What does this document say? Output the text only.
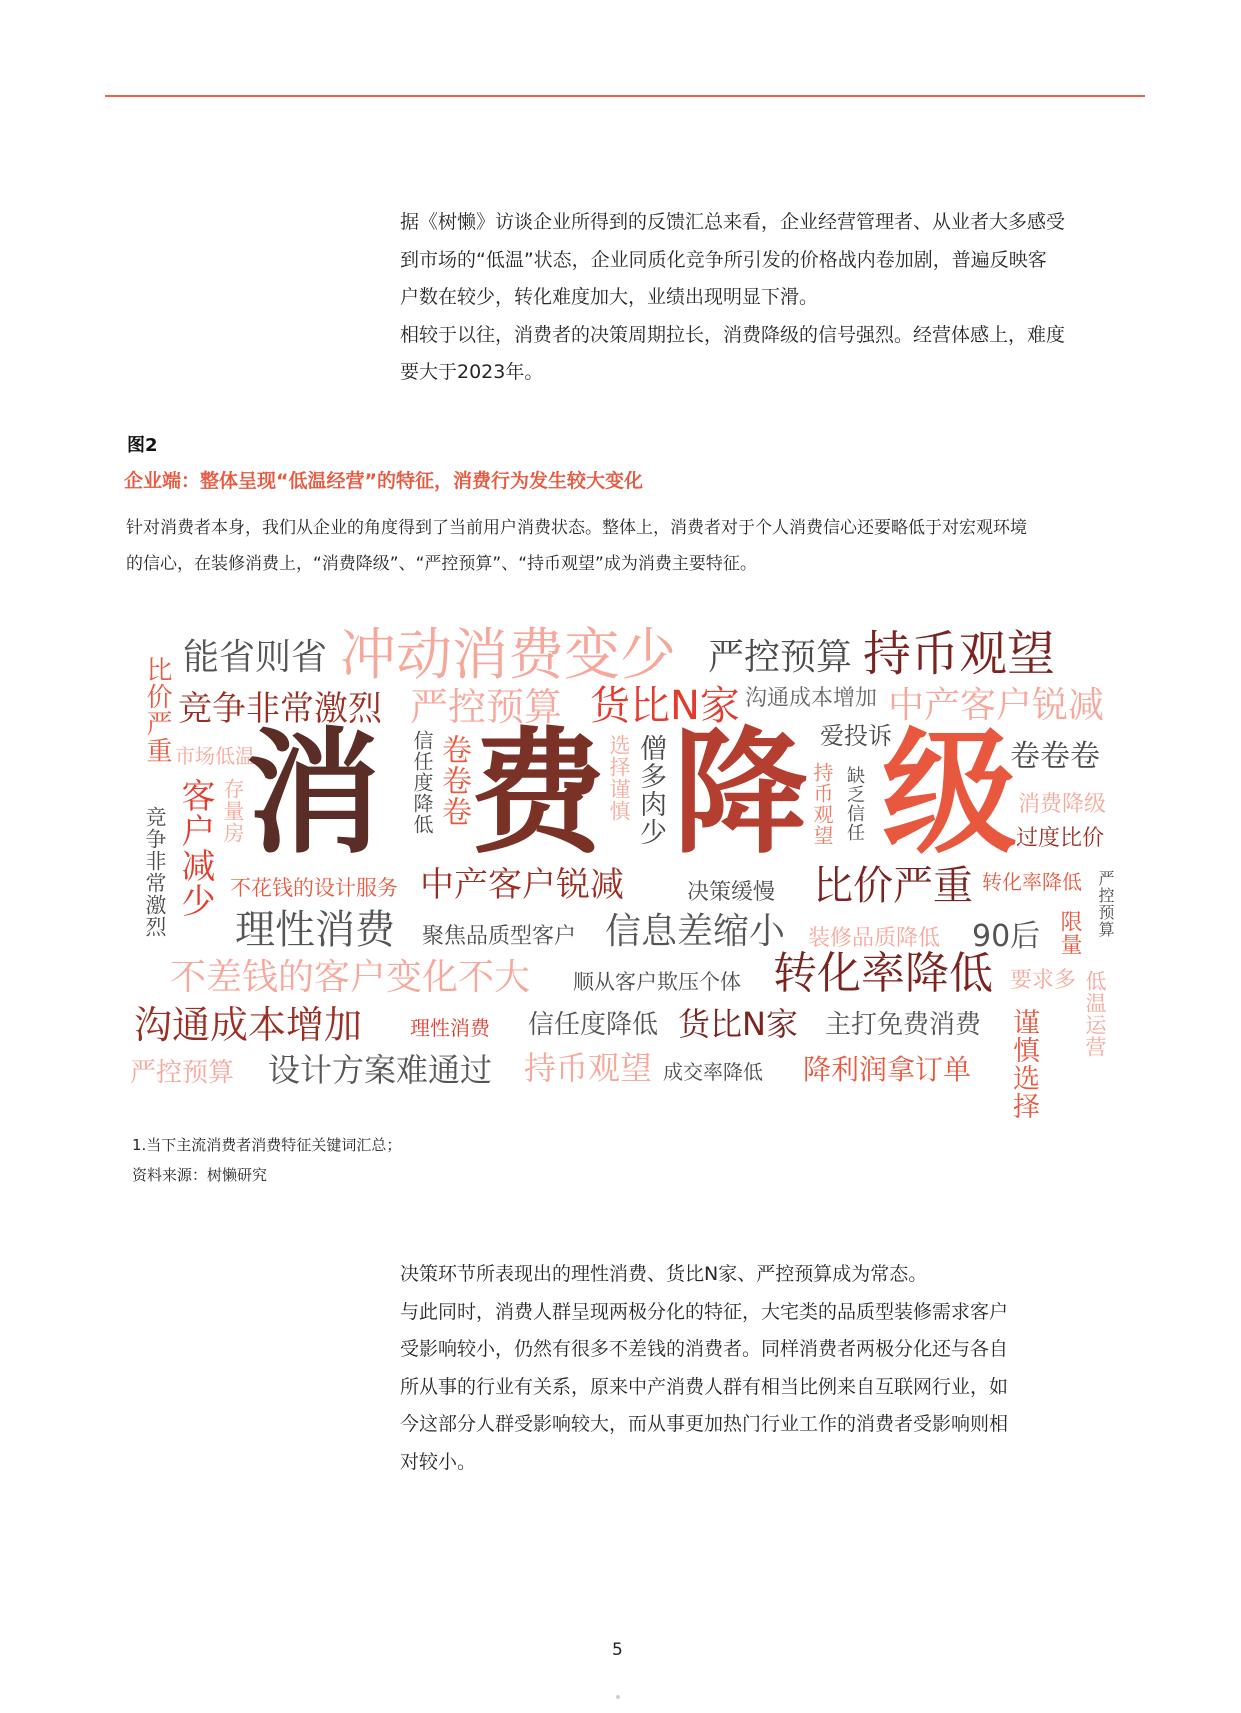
据《树懒》访谈企业所得到的反馈汇总来看，企业经营管理者、从业者大多感受
到市场的“低温”状态，企业同质化竞争所引发的价格战内卷加剧，普遍反映客
户数在较少，转化难度加大，业绩出现明显下滑。
相较于以往，消费者的决策周期拉长，消费降级的信号强烈。经营体感上，难度
要大于2023年。

图2
企业端：整体呈现“低温经营”的特征，消费行为发生较大变化

针对消费者本身，我们从企业的角度得到了当前用户消费状态。整体上，消费者对于个人消费信心还要略低于对宏观环境
的信心，在装修消费上，“消费降级”、“严控预算”、“持币观望”成为消费主要特征。

比价严重 能省则省 冲动消费变少 严控预算 持币观望
竞争非常激烈 严控预算 货比N家 沟通成本增加 中产客户锐减
市场低温
消 信任度降低 卷卷卷 费 选择谨慎 僧多肉少 降 爱投诉
持币观望 缺乏信任 级
卷卷卷
客户减少 存量房	消费降级
竞争非常激烈	过度比价
不花钱的设计服务 中产客户锐减	决策缓慢 比价严重 转化率降低 严控预算
限量
理性消费 聚焦品质型客户 信息差缩小 装修品质降低 90后
不差钱的客户变化不大 顺从客户欺压个体 转化率降低 要求多 低温运营
沟通成本增加 理性消费 信任度降低 货比N家 主打免费消费 谨慎选择
严控预算 设计方案难通过 持币观望 成交率降低 降利润拿订单
1.当下主流消费者消费特征关键词汇总；
资料来源：树懒研究

决策环节所表现出的理性消费、货比N家、严控预算成为常态。
与此同时，消费人群呈现两极分化的特征，大宅类的品质型装修需求客户
受影响较小，仍然有很多不差钱的消费者。同样消费者两极分化还与各自
所从事的行业有关系，原来中产消费人群有相当比例来自互联网行业，如
今这部分人群受影响较大，而从事更加热门行业工作的消费者受影响则相
对较小。

5
